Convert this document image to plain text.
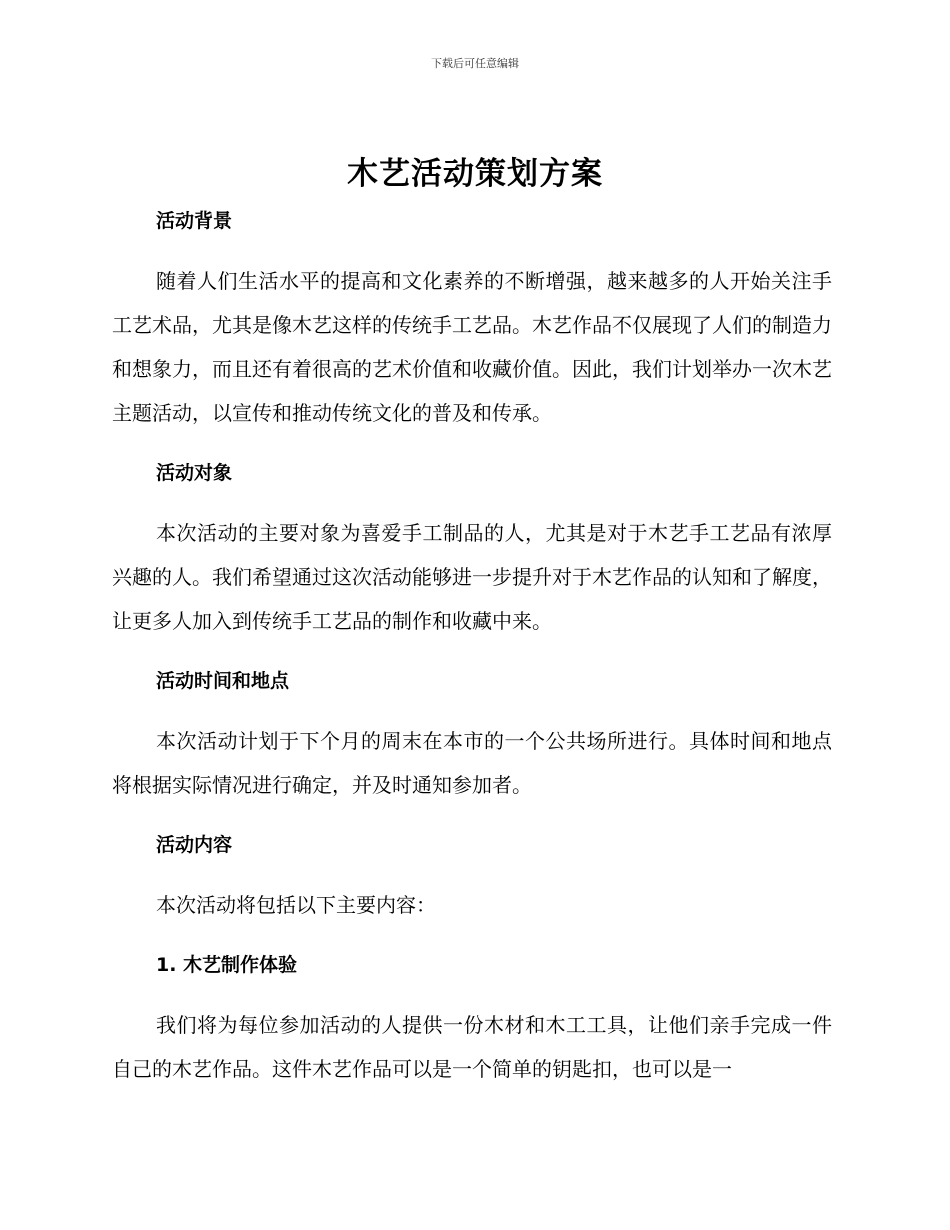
下载后可任意编辑
木艺活动策划方案
活动背景

随着人们生活水平的提高和文化素养的不断增强，越来越多的人开始关注手工艺术品，尤其是像木艺这样的传统手工艺品。木艺作品不仅展现了人们的制造力和想象力，而且还有着很高的艺术价值和收藏价值。因此，我们计划举办一次木艺主题活动，以宣传和推动传统文化的普及和传承。

活动对象

本次活动的主要对象为喜爱手工制品的人，尤其是对于木艺手工艺品有浓厚兴趣的人。我们希望通过这次活动能够进一步提升对于木艺作品的认知和了解度，让更多人加入到传统手工艺品的制作和收藏中来。

活动时间和地点

本次活动计划于下个月的周末在本市的一个公共场所进行。具体时间和地点将根据实际情况进行确定，并及时通知参加者。

活动内容

本次活动将包括以下主要内容：

1. 木艺制作体验

我们将为每位参加活动的人提供一份木材和木工工具，让他们亲手完成一件自己的木艺作品。这件木艺作品可以是一个简单的钥匙扣，也可以是一
